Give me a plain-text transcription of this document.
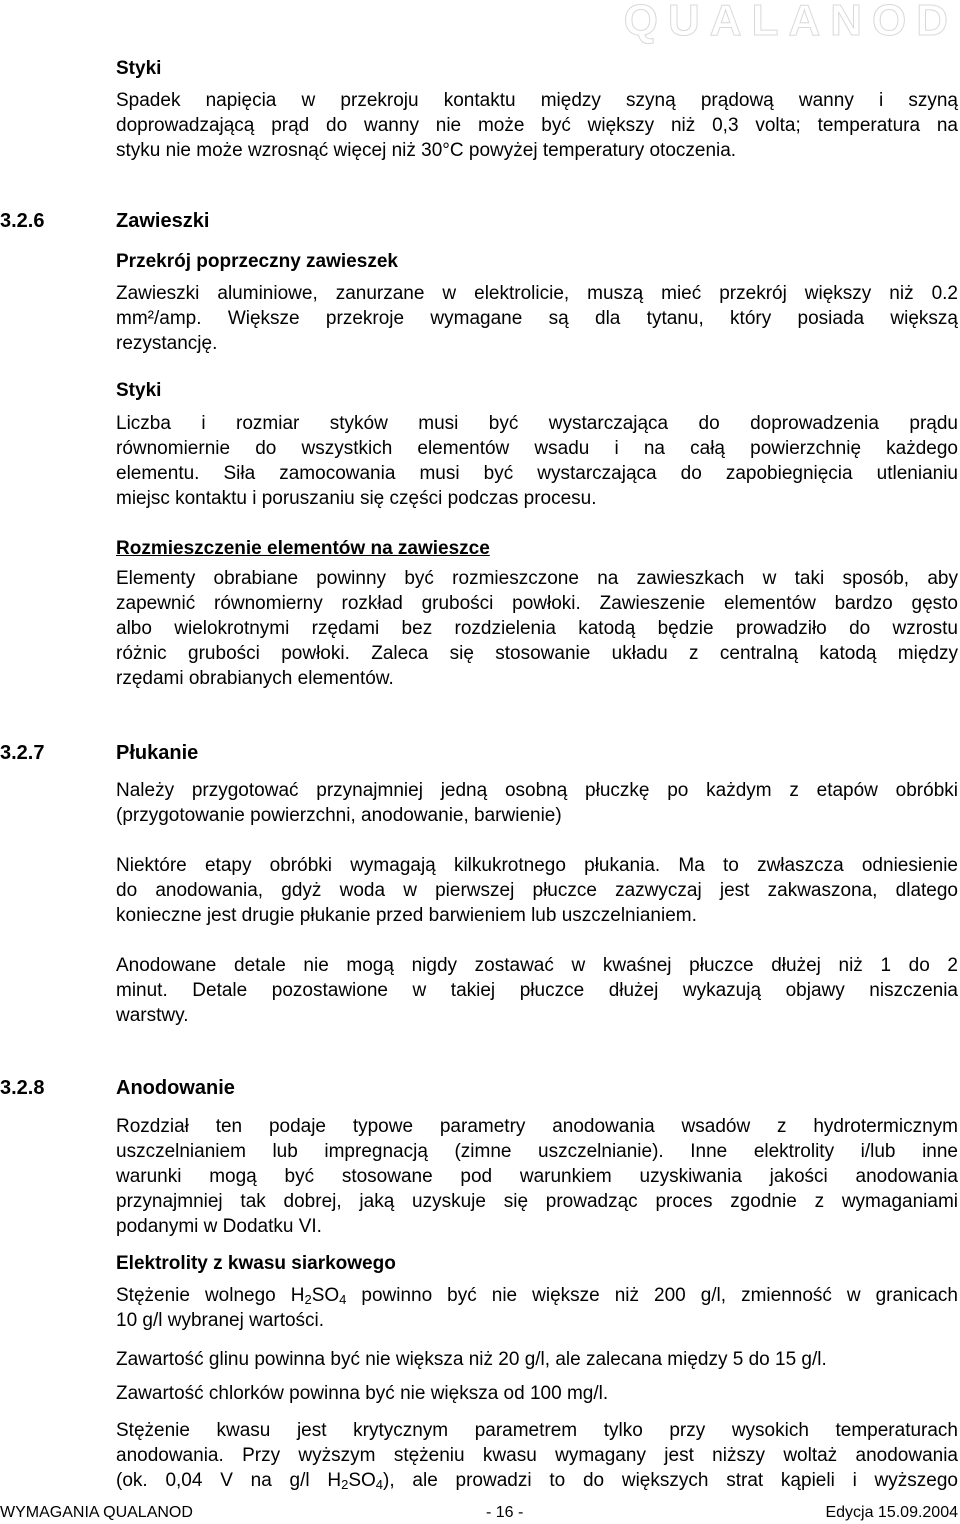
QUALANOD

Styki

Spadek napięcia w przekroju kontaktu między szyną prądową wanny i szyną

doprowadzającą prąd do wanny nie może być większy niż 0,3 volta; temperatura na

styku nie może wzrosnąć więcej niż 30°C powyżej temperatury otoczenia.

3.2.6	Zawieszki

Przekrój poprzeczny zawieszek

Zawieszki aluminiowe, zanurzane w elektrolicie, muszą mieć przekrój większy niż 0.2

mm²/amp. Większe przekroje wymagane są dla tytanu, który posiada większą

rezystancję.

Styki

Liczba i rozmiar styków musi być wystarczająca do doprowadzenia prądu

równomiernie do wszystkich elementów wsadu i na całą powierzchnię każdego

elementu. Siła zamocowania musi być wystarczająca do zapobiegnięcia utlenianiu

miejsc kontaktu i poruszaniu się części podczas procesu.

Rozmieszczenie elementów na zawieszce

Elementy obrabiane powinny być rozmieszczone na zawieszkach w taki sposób, aby

zapewnić równomierny rozkład grubości powłoki. Zawieszenie elementów bardzo gęsto

albo wielokrotnymi rzędami bez rozdzielenia katodą będzie prowadziło do wzrostu

różnic grubości powłoki. Zaleca się stosowanie układu z centralną katodą między

rzędami obrabianych elementów.

3.2.7	Płukanie

Należy przygotować przynajmniej jedną osobną płuczkę po każdym z etapów obróbki

(przygotowanie powierzchni, anodowanie, barwienie)

Niektóre etapy obróbki wymagają kilkukrotnego płukania. Ma to zwłaszcza odniesienie

do anodowania, gdyż woda w pierwszej płuczce zazwyczaj jest zakwaszona, dlatego

konieczne jest drugie płukanie przed barwieniem lub uszczelnianiem.

Anodowane detale nie mogą nigdy zostawać w kwaśnej płuczce dłużej niż 1 do 2

minut. Detale pozostawione w takiej płuczce dłużej wykazują objawy niszczenia

warstwy.

3.2.8	Anodowanie

Rozdział ten podaje typowe parametry anodowania wsadów z hydrotermicznym

uszczelnianiem lub impregnacją (zimne uszczelnianie). Inne elektrolity i/lub inne

warunki mogą być stosowane pod warunkiem uzyskiwania jakości anodowania

przynajmniej tak dobrej, jaką uzyskuje się prowadząc proces zgodnie z wymaganiami

podanymi w Dodatku VI.

Elektrolity z kwasu siarkowego

Stężenie wolnego $H_2SO_4$ powinno być nie większe niż 200 g/l, zmienność w granicach

10 g/l wybranej wartości.

Zawartość glinu powinna być nie większa niż 20 g/l, ale zalecana między 5 do 15 g/l.

Zawartość chlorków powinna być nie większa od 100 mg/l.

Stężenie kwasu jest krytycznym parametrem tylko przy wysokich temperaturach

anodowania. Przy wyższym stężeniu kwasu wymagany jest niższy woltaż anodowania

(ok. 0,04 V na g/l $H_2SO_4$), ale prowadzi to do większych strat kąpieli i wyższego

WYMAGANIA QUALANOD	- 16 -	Edycja 15.09.2004
